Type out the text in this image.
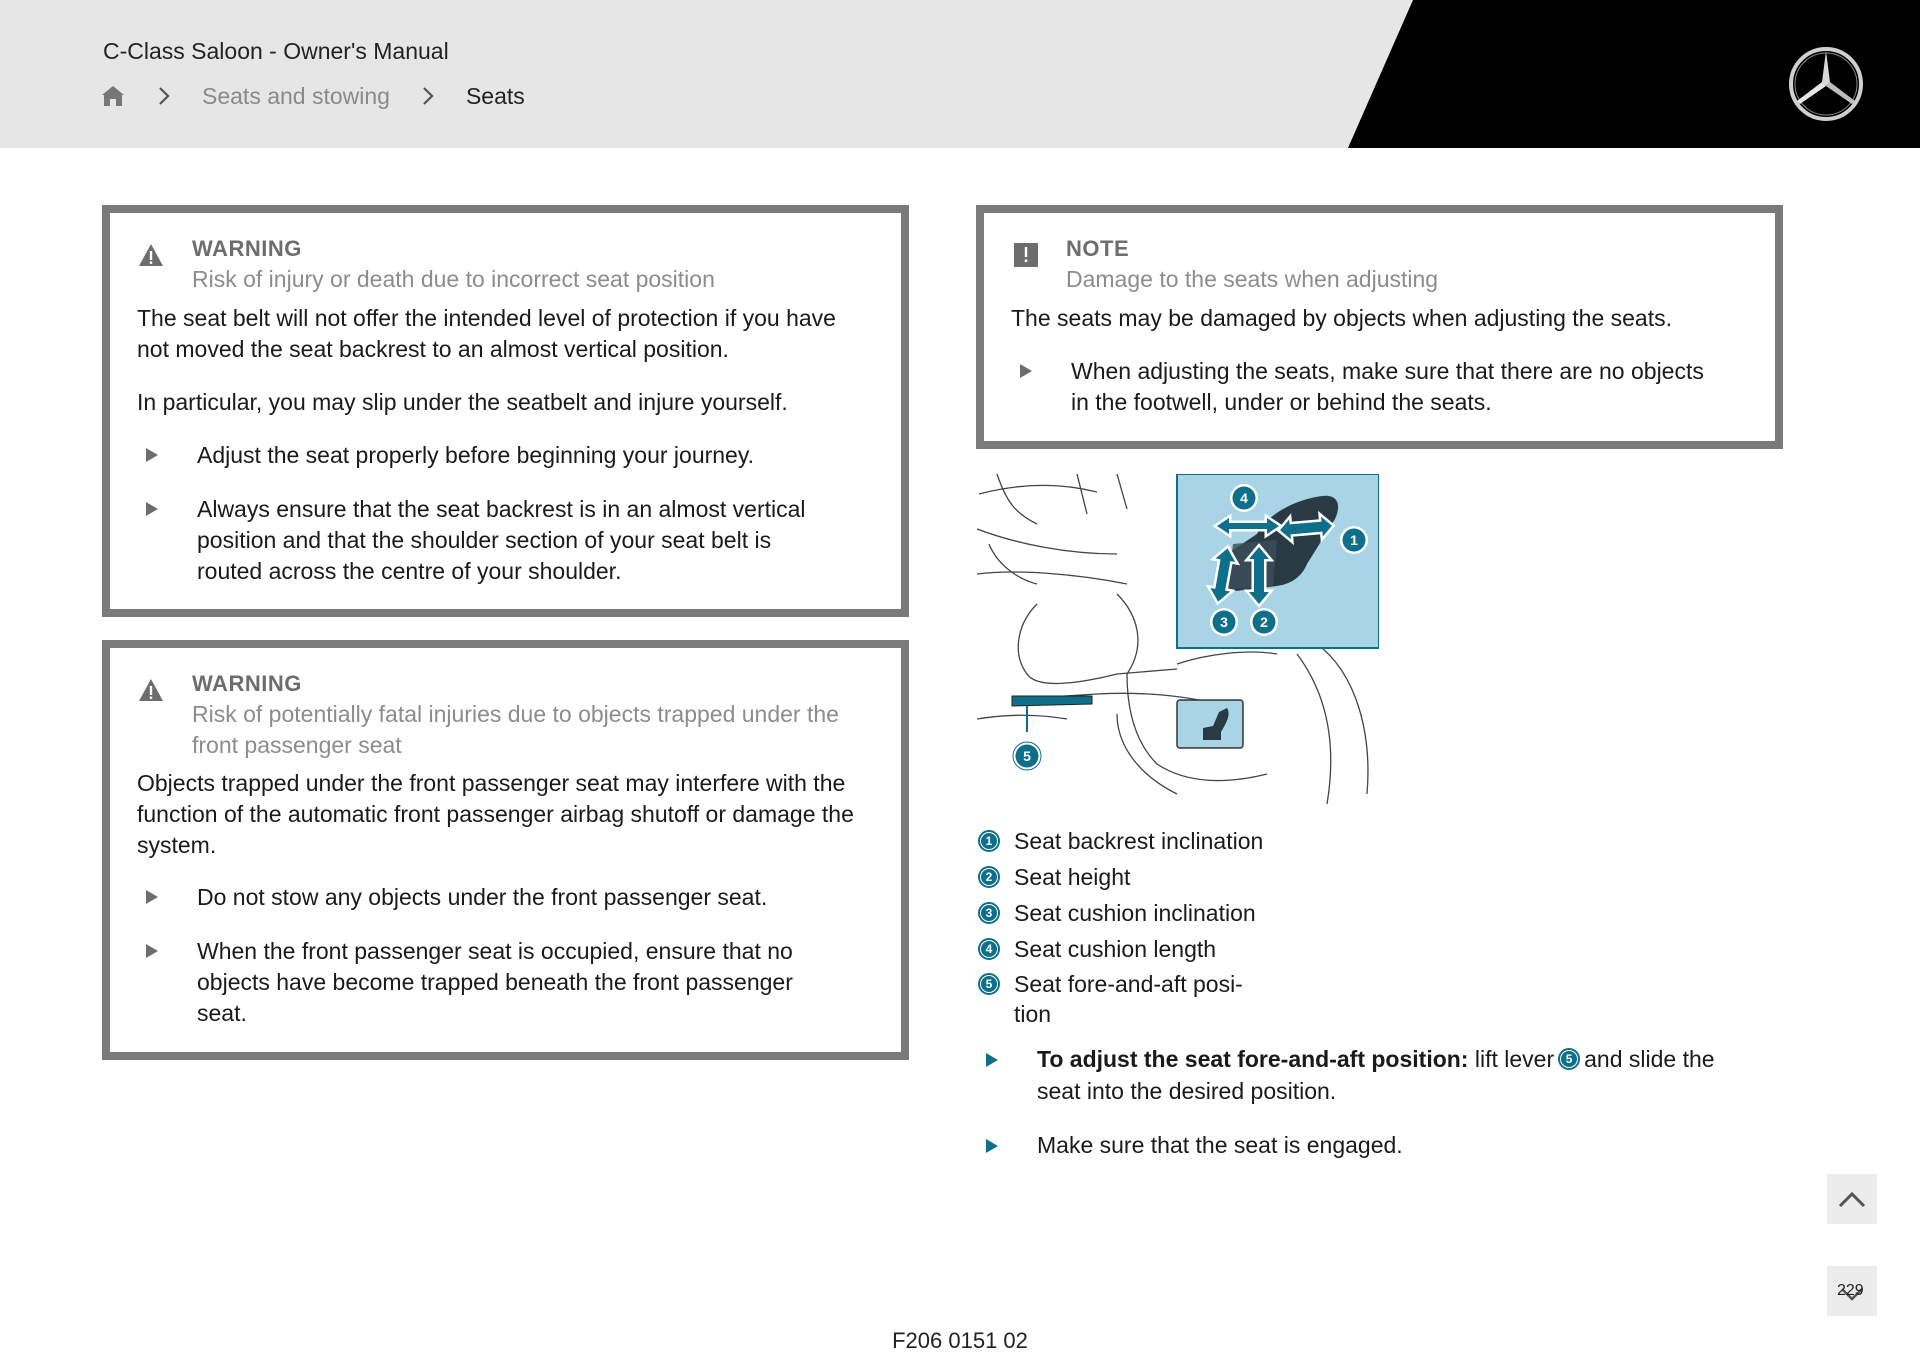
C-Class Saloon - Owner's Manual
Seats and stowing	Seats
WARNING
Risk of injury or death due to incorrect seat position
The seat belt will not offer the intended level of protection if you have not moved the seat backrest to an almost vertical position.
In particular, you may slip under the seatbelt and injure yourself.
Adjust the seat properly before beginning your journey.
Always ensure that the seat backrest is in an almost vertical position and that the shoulder section of your seat belt is routed across the centre of your shoulder.
WARNING
Risk of potentially fatal injuries due to objects trapped under the front passenger seat
Objects trapped under the front passenger seat may interfere with the function of the automatic front passenger airbag shutoff or damage the system.
Do not stow any objects under the front passenger seat.
When the front passenger seat is occupied, ensure that no objects have become trapped beneath the front passenger seat.
NOTE
Damage to the seats when adjusting
The seats may be damaged by objects when adjusting the seats.
When adjusting the seats, make sure that there are no objects in the footwell, under or behind the seats.
4
1
3 2
5
1 Seat backrest inclination
2 Seat height
3 Seat cushion inclination
4 Seat cushion length
5 Seat fore-and-aft posi-
tion
To adjust the seat fore-and-aft position: lift lever 5 and slide the
seat into the desired position.
Make sure that the seat is engaged.
229
F206 0151 02
